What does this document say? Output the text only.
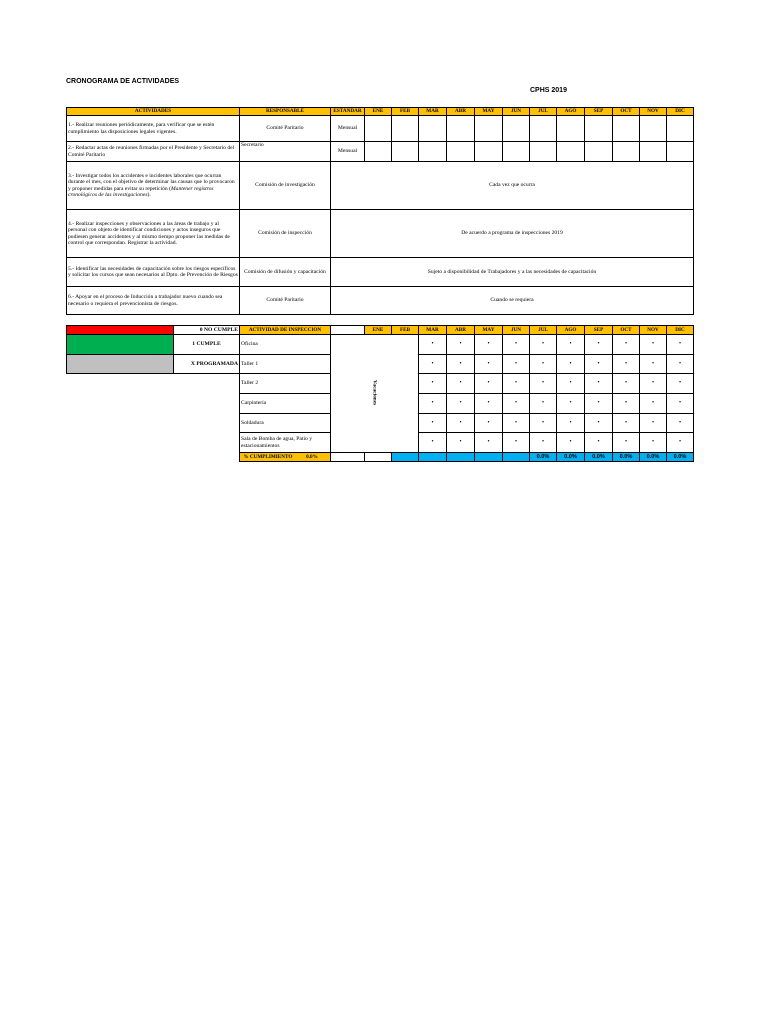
CRONOGRAMA DE ACTIVIDADES
CPHS 2019
ACTIVIDADES	RESPONSABLE	ESTANDAR	ENE	FEB	MAR	ABR	MAY	JUN	JUL	AGO	SEP	OCT	NOV	DIC
1.- Realizar reuniones periódicamente, para verificar que se estén cumplimiento las disposiciones legales vigentes.	Comité Paritario	Mensual												
2.- Redactar actas de reuniones firmadas por el Presidente y Secretario del Comité Paritario	Secretario	Mensual												
3.- Investigar todos los accidentes e incidentes laborales que ocurran durante el mes, con el objetivo de determinar las causas que lo provocaron y proponer medidas para evitar su repetición (Mantener registros cronológicos de las investigaciones).	Comisión de investigación	Cada vez que ocurra												
4.- Realizar inspecciones y observaciones a las áreas de trabajo y al personal con objeto de identificar condiciones y actos inseguros que pudiesen generar accidentes y al mismo tiempo proponer las medidas de control que correspondan. Registrar la actividad.	Comisión de inspección	De acuerdo a programa de inspecciones 2019												
5.- Identificar las necesidades de capacitación sobre los riesgos específicos y solicitar los cursos que sean necesarios al Dpto. de Prevención de Riesgos	Comisión de difusión y capacitación	Sujeto a disponibilidad de Trabajadores y a las necesidades de capacitación												
6.- Apoyar en el proceso de Inducción a trabajador nuevo cuando sea necesario o requiera el prevencionista de riesgos.	Comité Paritario	Cuando se requiera												
	0 NO CUMPLE	ACTIVIDAD DE INSPECCION		ENE	FEB	MAR	ABR	MAY	JUN	JUL	AGO	SEP	OCT	NOV	DIC
	1 CUMPLE	Oficina	Vacaciones			•	•	•	•	•	•	•	•	•	•
	X PROGRAMADA	Taller 1				•	•	•	•	•	•	•	•	•	•
		Taller 2				•	•	•	•	•	•	•	•	•	•
		Carpintería				•	•	•	•	•	•	•	•	•	•
		Soldadura				•	•	•	•	•	•	•	•	•	•
		Sala de Bomba de agua, Patio y estacionamientos				•	•	•	•	•	•	•	•	•	•
		% CUMPLIMIENTO 0.0%								0.0%	0.0%	0.0%	0.0%	0.0%	0.0%
